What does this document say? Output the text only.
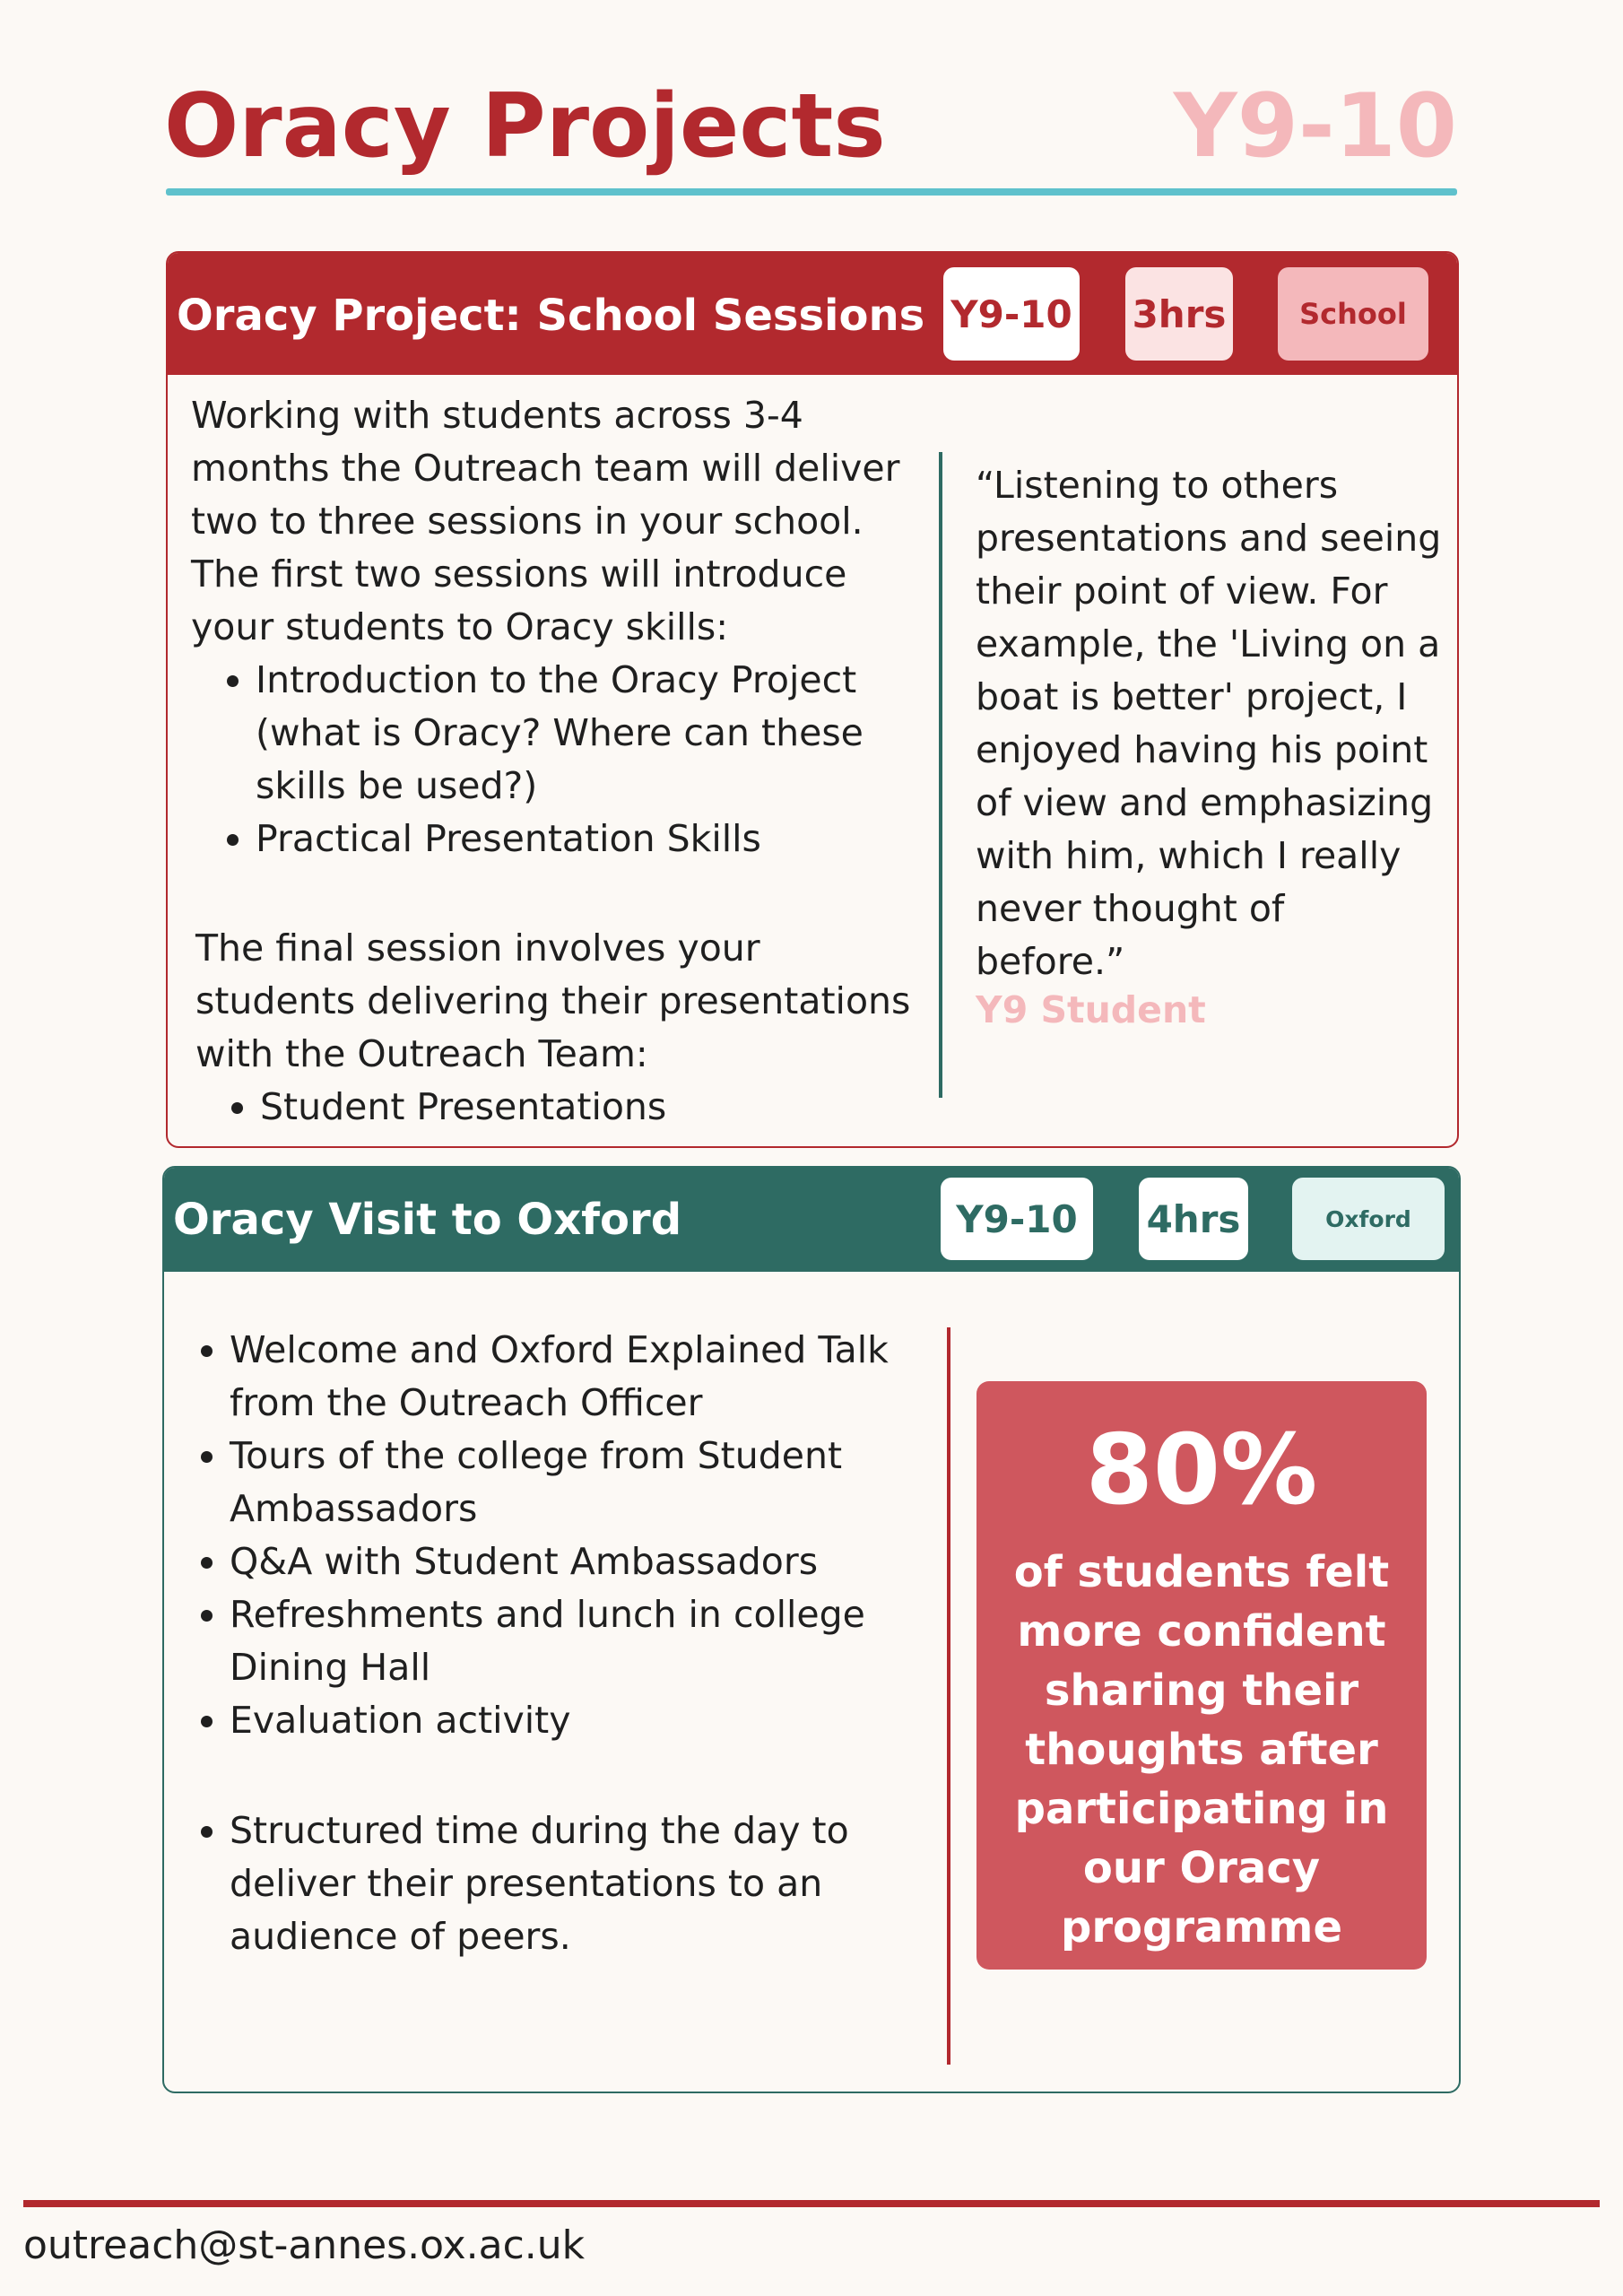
Oracy Projects	Y9-10
Oracy Project: School Sessions Y9-10 3hrs	School

Working with students across 3-4 months the Outreach team will deliver two to three sessions in your school. The first two sessions will introduce your students to Oracy skills:

• Introduction to the Oracy Project (what is Oracy? Where can these skills be used?)
• Practical Presentation Skills

The final session involves your students delivering their presentations with the Outreach Team:

• Student Presentations
“Listening to others presentations and seeing their point of view. For example, the 'Living on a boat is better' project, I enjoyed having his point of view and emphasizing with him, which I really never thought of before.”
Y9 Student
Oracy Visit to Oxford	Y9-10	4hrs	Oxford
• Welcome and Oxford Explained Talk from the Outreach Officer
• Tours of the college from Student Ambassadors
• Q&A with Student Ambassadors
• Refreshments and lunch in college Dining Hall
• Evaluation activity
• Structured time during the day to deliver their presentations to an audience of peers.
80%
of students felt more confident sharing their thoughts after participating in our Oracy programme
outreach@st-annes.ox.ac.uk
